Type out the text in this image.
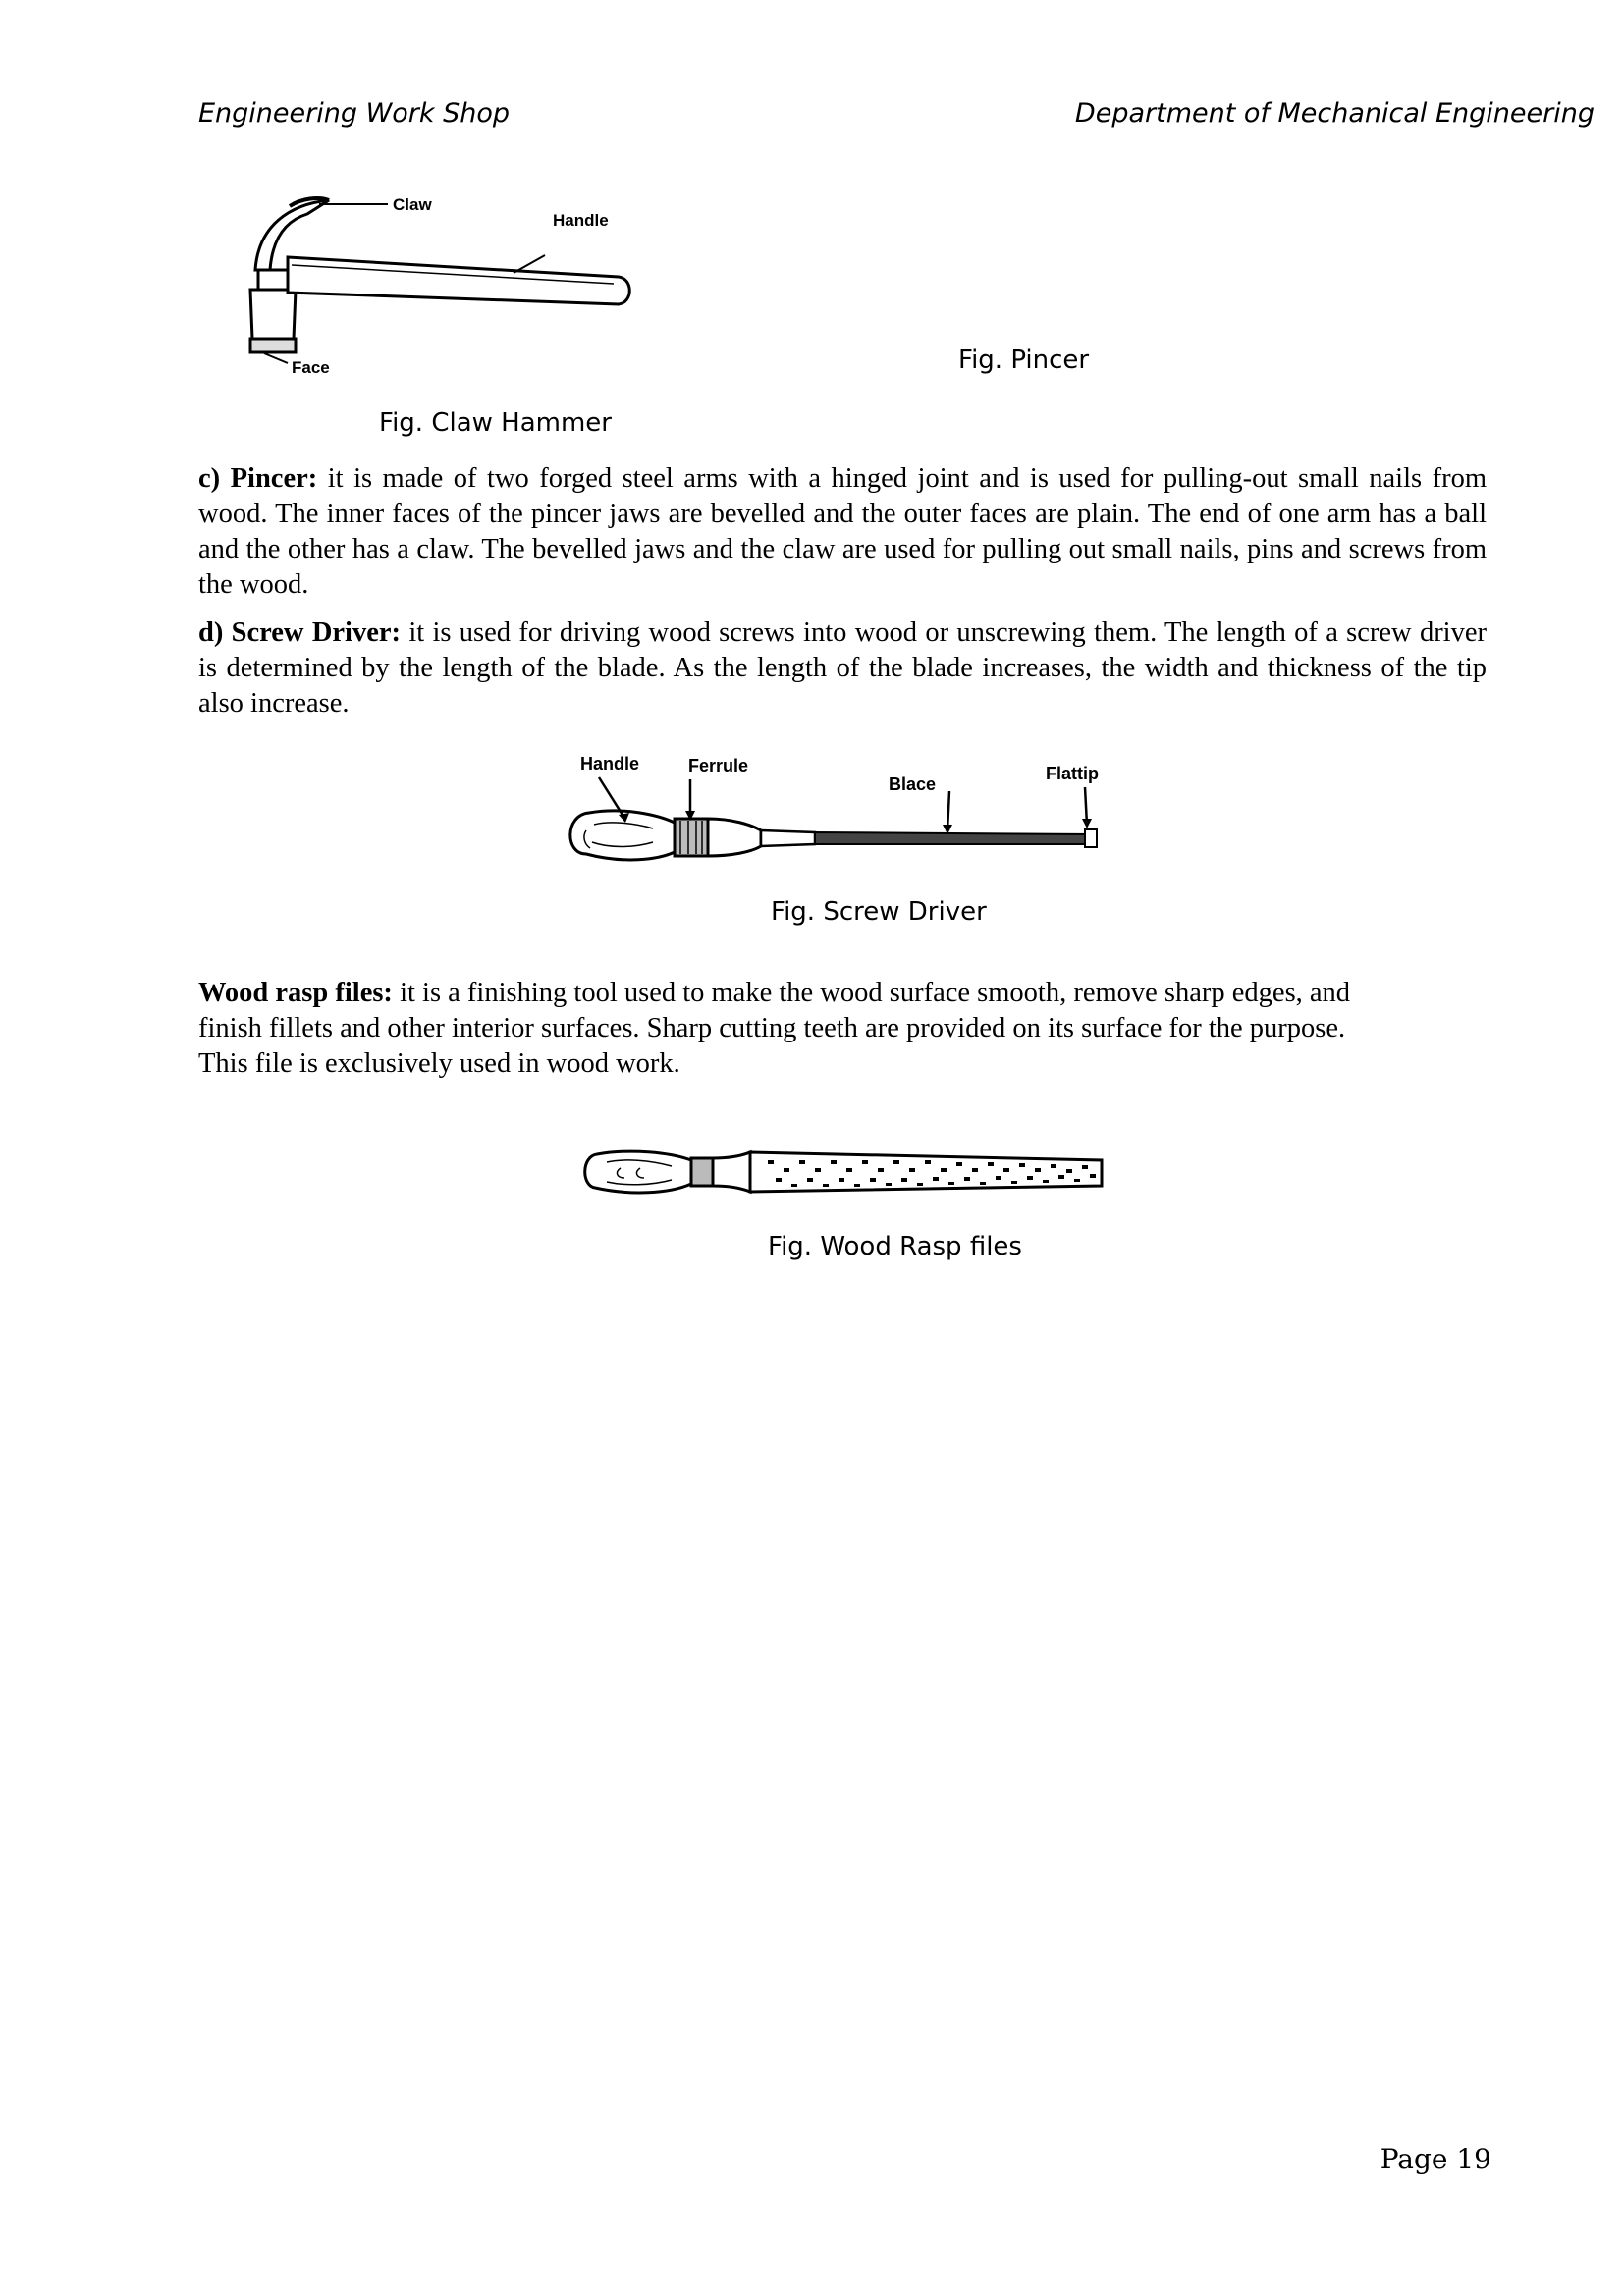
Engineering Work Shop	Department of Mechanical Engineering
Claw
Handle
Face
Fig. Claw Hammer
Fig. Pincer
c) Pincer: it is made of two forged steel arms with a hinged joint and is used for pulling-out small nails from wood. The inner faces of the pincer jaws are bevelled and the outer faces are plain. The end of one arm has a ball and the other has a claw. The bevelled jaws and the claw are used for pulling out small nails, pins and screws from the wood.
d) Screw Driver: it is used for driving wood screws into wood or unscrewing them. The length of a screw driver is determined by the length of the blade. As the length of the blade increases, the width and thickness of the tip also increase.
Handle	Ferrule
Blace
Flattip
Fig. Screw Driver
Wood rasp files: it is a finishing tool used to make the wood surface smooth, remove sharp edges, and
finish fillets and other interior surfaces. Sharp cutting teeth are provided on its surface for the purpose.
This file is exclusively used in wood work.
Fig. Wood Rasp files
Page 19
